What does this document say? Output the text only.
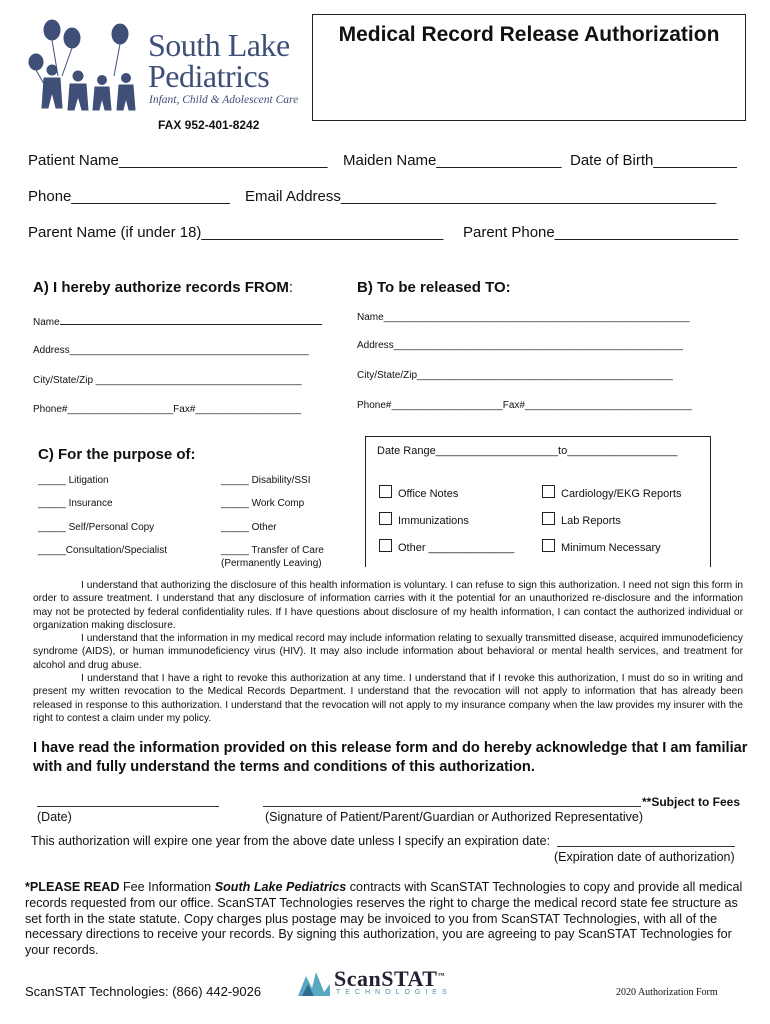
South Lake
Pediatrics
Infant, Child & Adolescent Care
Medical Record Release Authorization
FAX 952-401-8242
Patient Name_________________________ Maiden Name_______________ Date of Birth__________
Phone___________________ Email Address_____________________________________________
Parent Name (if under 18)_____________________________ Parent Phone______________________
A) I hereby authorize records FROM:
Name
Address___________________________________________
City/State/Zip _____________________________________
Phone#___________________Fax#___________________
B) To be released TO:
Name_______________________________________________________
Address____________________________________________________
City/State/Zip______________________________________________
Phone#____________________Fax#______________________________
C) For the purpose of:
_____ Litigation
_____ Insurance
_____ Self/Personal Copy
_____Consultation/Specialist
_____ Disability/SSI
_____ Work Comp
_____ Other
_____ Transfer of Care
(Permanently Leaving)
Date Range____________________to__________________
Office Notes
Immunizations
Other ______________
Cardiology/EKG Reports
Lab Reports
Minimum Necessary

I understand that authorizing the disclosure of this health information is voluntary. I can refuse to sign this authorization. I need not sign this form in order to assure treatment. I understand that any disclosure of information carries with it the potential for an unauthorized re-disclosure and the information may not be protected by federal confidentiality rules. If I have questions about disclosure of my health information, I can contact the authorized individual or organization making disclosure.

I understand that the information in my medical record may include information relating to sexually transmitted disease, acquired immunodeficiency syndrome (AIDS), or human immunodeficiency virus (HIV). It may also include information about behavioral or mental health services, and treatment for alcohol and drug abuse.

I understand that I have a right to revoke this authorization at any time. I understand that if I revoke this authorization, I must do so in writing and present my written revocation to the Medical Records Department. I understand that the revocation will not apply to information that has already been released in response to this authorization. I understand that the revocation will not apply to my insurance company when the law provides my insurer with the right to contest a claim under my policy.

I have read the information provided on this release form and do hereby acknowledge that I am familiar with and fully understand the terms and conditions of this authorization.
**Subject to Fees
(Date)	(Signature of Patient/Parent/Guardian or Authorized Representative)
This authorization will expire one year from the above date unless I specify an expiration date:
(Expiration date of authorization)
*PLEASE READ Fee Information South Lake Pediatrics contracts with ScanSTAT Technologies to copy and provide all medical records requested from our office. ScanSTAT Technologies reserves the right to charge the medical record state fee structure as set forth in the state statute. Copy charges plus postage may be invoiced to you from ScanSTAT Technologies, with all of the necessary directions to receive your records. By signing this authorization, you are agreeing to pay ScanSTAT Technologies for your records.
ScanSTAT Technologies: (866) 442-9026
ScanSTAT™
TECHNOLOGIES	2020 Authorization Form
